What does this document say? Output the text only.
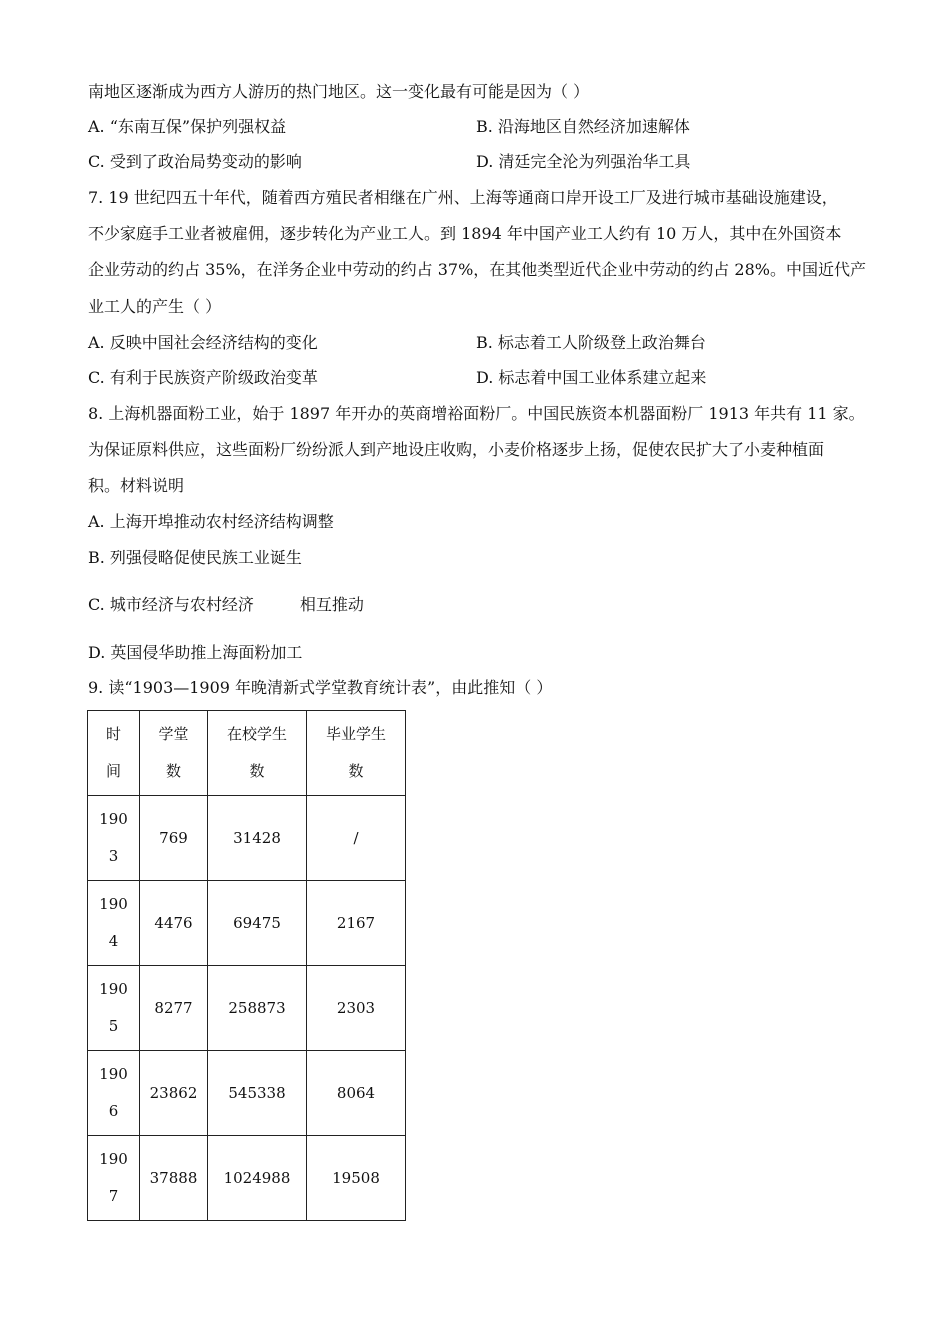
南地区逐渐成为西方人游历的热门地区。这一变化最有可能是因为（ ）
A. “东南互保”保护列强权益	B. 沿海地区自然经济加速解体
C. 受到了政治局势变动的影响	D. 清廷完全沦为列强治华工具
7. 19 世纪四五十年代，随着西方殖民者相继在广州、上海等通商口岸开设工厂及进行城市基础设施建设，
不少家庭手工业者被雇佣，逐步转化为产业工人。到 1894 年中国产业工人约有 10 万人，其中在外国资本
企业劳动的约占 35%，在洋务企业中劳动的约占 37%，在其他类型近代企业中劳动的约占 28%。中国近代产
业工人的产生（ ）
A. 反映中国社会经济结构的变化	B. 标志着工人阶级登上政治舞台
C. 有利于民族资产阶级政治变革	D. 标志着中国工业体系建立起来
8. 上海机器面粉工业，始于 1897 年开办的英商增裕面粉厂。中国民族资本机器面粉厂 1913 年共有 11 家。
为保证原料供应，这些面粉厂纷纷派人到产地设庄收购，小麦价格逐步上扬，促使农民扩大了小麦种植面
积。材料说明
A. 上海开埠推动农村经济结构调整
B. 列强侵略促使民族工业诞生
C. 城市经济与农村经济	相互推动
D. 英国侵华助推上海面粉加工
9. 读“1903—1909 年晚清新式学堂教育统计表”，由此推知（ ）
时间	学堂数	在校学生数	毕业学生数
1903	769	31428	/
1904	4476	69475	2167
1905	8277	258873	2303
1906	23862	545338	8064
1907	37888	1024988	19508
